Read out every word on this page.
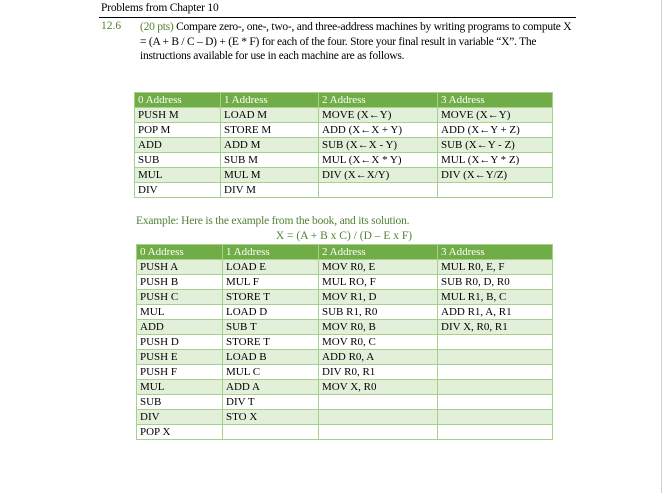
Problems from Chapter 10
12.6 (20 pts) Compare zero-, one-, two-, and three-address machines by writing programs to compute X = (A + B / C – D) + (E * F) for each of the four. Store your final result in variable “X”. The instructions available for use in each machine are as follows.
0 Address	1 Address	2 Address	3 Address
PUSH M	LOAD M	MOVE (X←Y)	MOVE (X←Y)
POP M	STORE M	ADD (X←X + Y)	ADD (X←Y + Z)
ADD	ADD M	SUB (X←X - Y)	SUB (X←Y - Z)
SUB	SUB M	MUL (X←X * Y)	MUL (X←Y * Z)
MUL	MUL M	DIV (X←X/Y)	DIV (X←Y/Z)
DIV	DIV M		
Example: Here is the example from the book, and its solution.
X = (A + B x C) / (D – E x F)
0 Address	1 Address	2 Address	3 Address
PUSH A	LOAD E	MOV R0, E	MUL R0, E, F
PUSH B	MUL F	MUL RO, F	SUB R0, D, R0
PUSH C	STORE T	MOV R1, D	MUL R1, B, C
MUL	LOAD D	SUB R1, R0	ADD R1, A, R1
ADD	SUB T	MOV R0, B	DIV X, R0, R1
PUSH D	STORE T	MOV R0, C	
PUSH E	LOAD B	ADD R0, A	
PUSH F	MUL C	DIV R0, R1	
MUL	ADD A	MOV X, R0	
SUB	DIV T		
DIV	STO X		
POP X			
